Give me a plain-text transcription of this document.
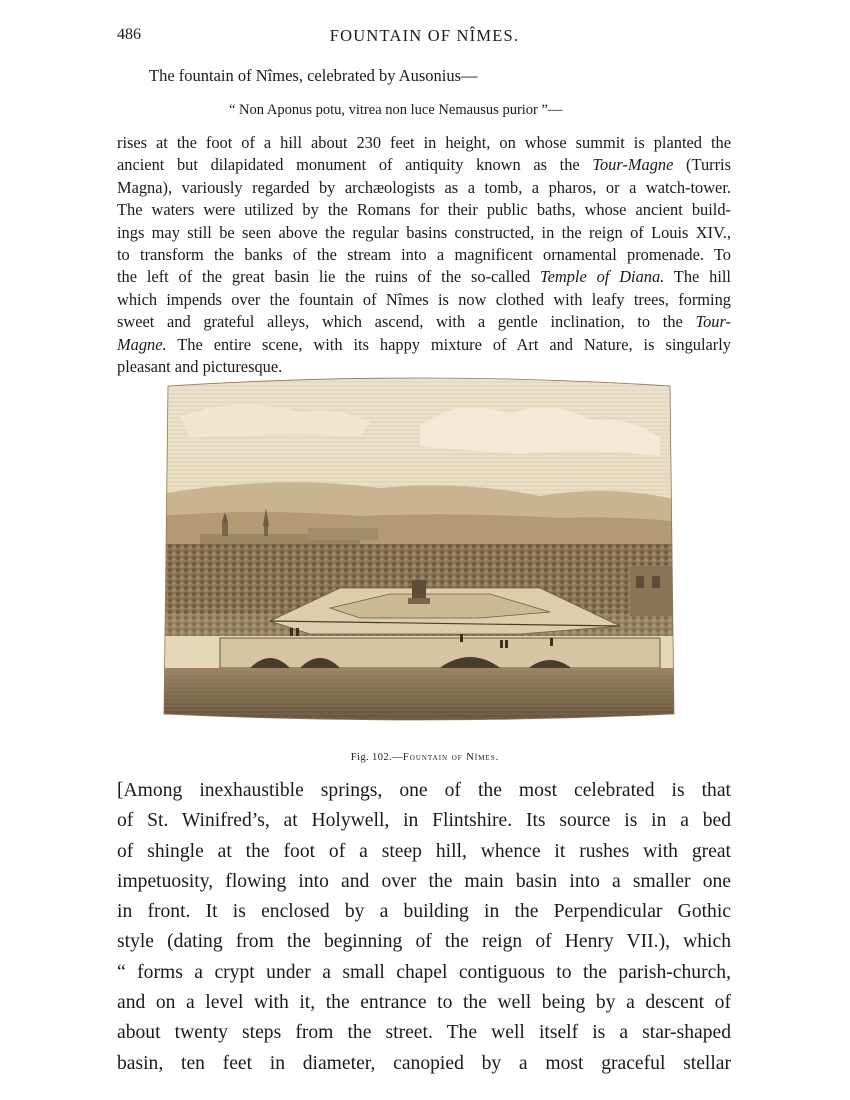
486	FOUNTAIN OF NÎMES.
The fountain of Nîmes, celebrated by Ausonius—
“ Non Aponus potu, vitrea non luce Nemausus purior ”—
rises at the foot of a hill about 230 feet in height, on whose summit is planted the
ancient but dilapidated monument of antiquity known as the Tour-Magne (Turris
Magna), variously regarded by archæologists as a tomb, a pharos, or a watch-tower.
The waters were utilized by the Romans for their public baths, whose ancient build-
ings may still be seen above the regular basins constructed, in the reign of Louis XIV.,
to transform the banks of the stream into a magnificent ornamental promenade. To
the left of the great basin lie the ruins of the so-called Temple of Diana. The hill
which impends over the fountain of Nîmes is now clothed with leafy trees, forming
sweet and grateful alleys, which ascend, with a gentle inclination, to the Tour-
Magne. The entire scene, with its happy mixture of Art and Nature, is singularly
pleasant and picturesque.
Fig. 102.—Fountain of Nîmes.
[Among inexhaustible springs, one of the most celebrated is that
of St. Winifred’s, at Holywell, in Flintshire. Its source is in a bed
of shingle at the foot of a steep hill, whence it rushes with great
impetuosity, flowing into and over the main basin into a smaller one
in front. It is enclosed by a building in the Perpendicular Gothic
style (dating from the beginning of the reign of Henry VII.), which
“ forms a crypt under a small chapel contiguous to the parish-church,
and on a level with it, the entrance to the well being by a descent of
about twenty steps from the street. The well itself is a star-shaped
basin, ten feet in diameter, canopied by a most graceful stellar
